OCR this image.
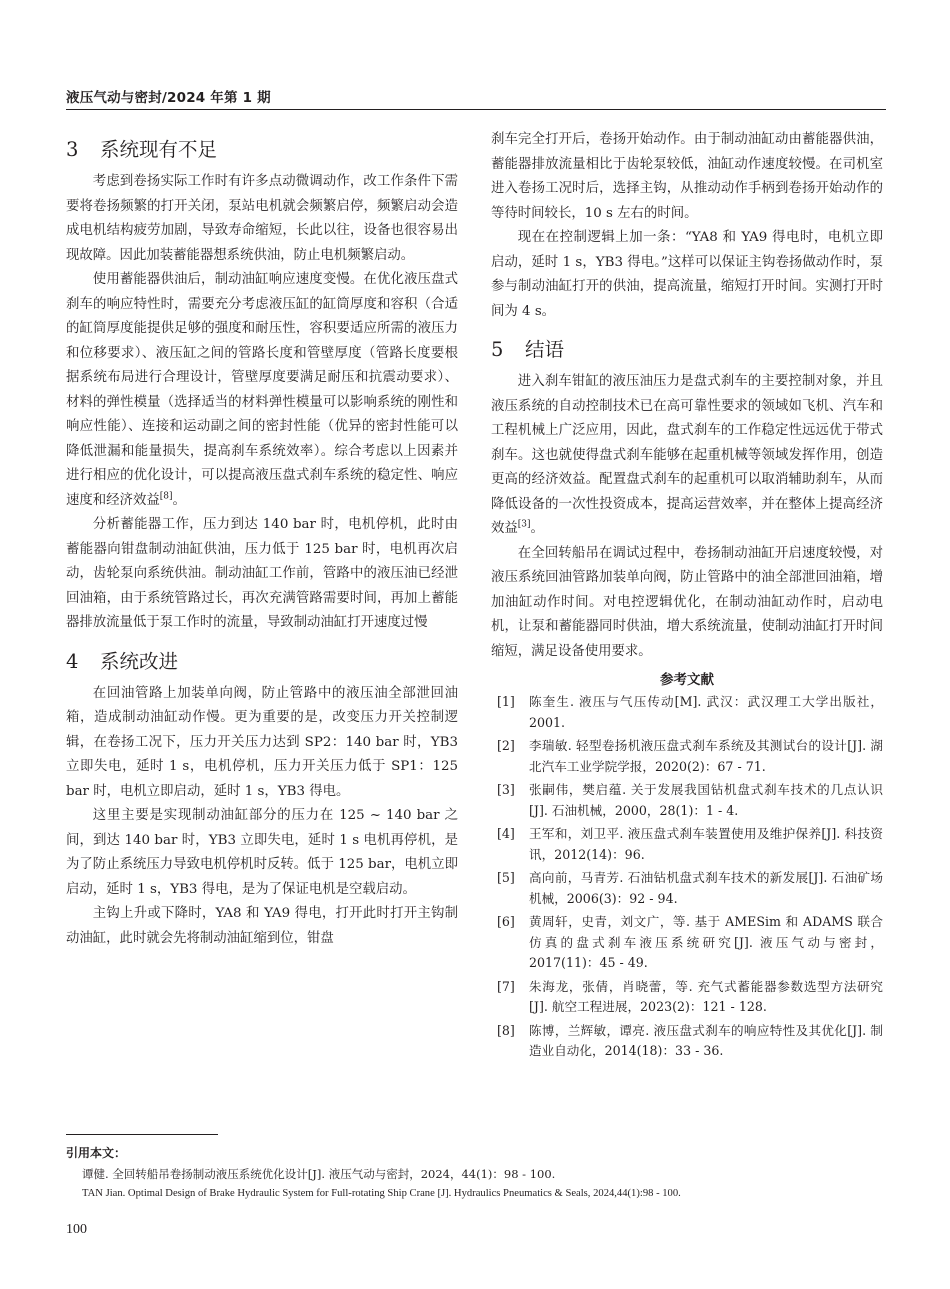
液压气动与密封/2024 年第 1 期
3 系统现有不足

考虑到卷扬实际工作时有许多点动微调动作，改工作条件下需要将卷扬频繁的打开关闭，泵站电机就会频繁启停，频繁启动会造成电机结构疲劳加剧，导致寿命缩短，长此以往，设备也很容易出现故障。因此加装蓄能器想系统供油，防止电机频繁启动。

使用蓄能器供油后，制动油缸响应速度变慢。在优化液压盘式刹车的响应特性时，需要充分考虑液压缸的缸筒厚度和容积（合适的缸筒厚度能提供足够的强度和耐压性，容积要适应所需的液压力和位移要求）、液压缸之间的管路长度和管壁厚度（管路长度要根据系统布局进行合理设计，管壁厚度要满足耐压和抗震动要求）、材料的弹性模量（选择适当的材料弹性模量可以影响系统的刚性和响应性能）、连接和运动副之间的密封性能（优异的密封性能可以降低泄漏和能量损失，提高刹车系统效率）。综合考虑以上因素并进行相应的优化设计，可以提高液压盘式刹车系统的稳定性、响应速度和经济效益[8]。

分析蓄能器工作，压力到达 140 bar 时，电机停机，此时由蓄能器向钳盘制动油缸供油，压力低于 125 bar 时，电机再次启动，齿轮泵向系统供油。制动油缸工作前，管路中的液压油已经泄回油箱，由于系统管路过长，再次充满管路需要时间，再加上蓄能器排放流量低于泵工作时的流量，导致制动油缸打开速度过慢

4 系统改进

在回油管路上加装单向阀，防止管路中的液压油全部泄回油箱，造成制动油缸动作慢。更为重要的是，改变压力开关控制逻辑，在卷扬工况下，压力开关压力达到 SP2：140 bar 时，YB3 立即失电，延时 1 s，电机停机，压力开关压力低于 SP1：125 bar 时，电机立即启动，延时 1 s，YB3 得电。

这里主要是实现制动油缸部分的压力在 125 ~ 140 bar 之间，到达 140 bar 时，YB3 立即失电，延时 1 s 电机再停机，是为了防止系统压力导致电机停机时反转。低于 125 bar，电机立即启动，延时 1 s，YB3 得电，是为了保证电机是空载启动。

主钩上升或下降时，YA8 和 YA9 得电，打开此时打开主钩制动油缸，此时就会先将制动油缸缩到位，钳盘

刹车完全打开后，卷扬开始动作。由于制动油缸动由蓄能器供油，蓄能器排放流量相比于齿轮泵较低，油缸动作速度较慢。在司机室进入卷扬工况时后，选择主钩，从推动动作手柄到卷扬开始动作的等待时间较长，10 s 左右的时间。

现在在控制逻辑上加一条：“YA8 和 YA9 得电时，电机立即启动，延时 1 s，YB3 得电。”这样可以保证主钩卷扬做动作时，泵参与制动油缸打开的供油，提高流量，缩短打开时间。实测打开时间为 4 s。

5 结语

进入刹车钳缸的液压油压力是盘式刹车的主要控制对象，并且液压系统的自动控制技术已在高可靠性要求的领域如飞机、汽车和工程机械上广泛应用，因此，盘式刹车的工作稳定性远远优于带式刹车。这也就使得盘式刹车能够在起重机械等领域发挥作用，创造更高的经济效益。配置盘式刹车的起重机可以取消辅助刹车，从而降低设备的一次性投资成本，提高运营效率，并在整体上提高经济效益[3]。

在全回转船吊在调试过程中，卷扬制动油缸开启速度较慢，对液压系统回油管路加装单向阀，防止管路中的油全部泄回油箱，增加油缸动作时间。对电控逻辑优化，在制动油缸动作时，启动电机，让泵和蓄能器同时供油，增大系统流量，使制动油缸打开时间缩短，满足设备使用要求。

参考文献
[1] 陈奎生. 液压与气压传动[M]. 武汉：武汉理工大学出版社，2001.
[2] 李瑞敏. 轻型卷扬机液压盘式刹车系统及其测试台的设计[J]. 湖北汽车工业学院学报，2020(2)：67 - 71.
[3] 张嗣伟，樊启蕴. 关于发展我国钻机盘式刹车技术的几点认识[J]. 石油机械，2000，28(1)：1 - 4.
[4] 王军和，刘卫平. 液压盘式刹车装置使用及维护保养[J]. 科技资讯，2012(14)：96.
[5] 高向前，马青芳. 石油钻机盘式刹车技术的新发展[J]. 石油矿场机械，2006(3)：92 - 94.
[6] 黄周轩，史青，刘文广，等. 基于 AMESim 和 ADAMS 联合仿真的盘式刹车液压系统研究[J]. 液压气动与密封，2017(11)：45 - 49.
[7] 朱海龙，张倩，肖晓蕾，等. 充气式蓄能器参数选型方法研究[J]. 航空工程进展，2023(2)：121 - 128.
[8] 陈博，兰辉敏，谭亮. 液压盘式刹车的响应特性及其优化[J]. 制造业自动化，2014(18)：33 - 36.
引用本文：
谭健. 全回转船吊卷扬制动液压系统优化设计[J]. 液压气动与密封，2024，44(1)：98 - 100.
TAN Jian. Optimal Design of Brake Hydraulic System for Full-rotating Ship Crane [J]. Hydraulics Pneumatics & Seals, 2024,44(1):98 - 100.
100
